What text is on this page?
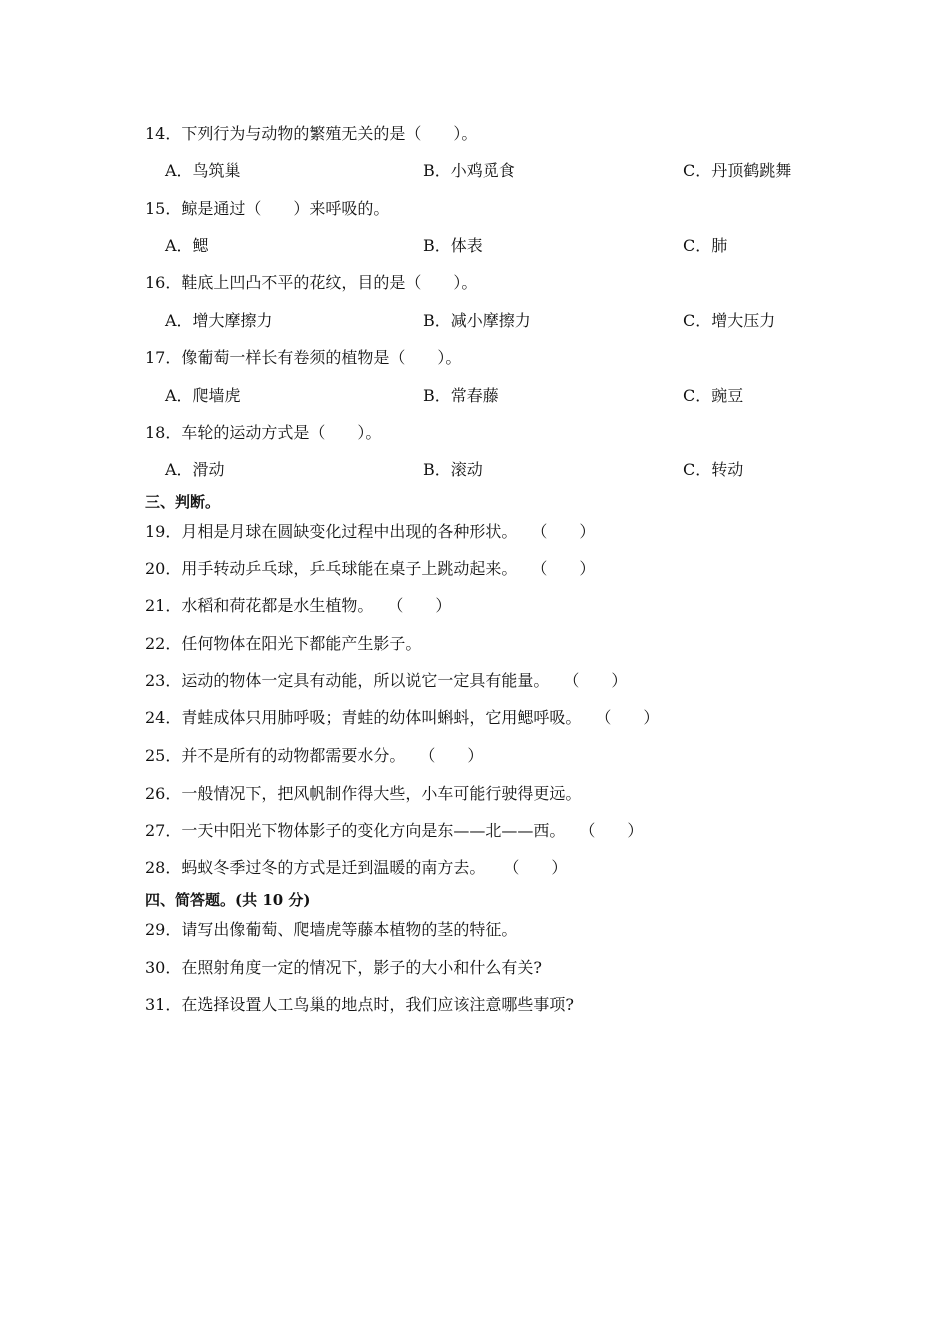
14．下列行为与动物的繁殖无关的是（　　）。
A．鸟筑巢	B．小鸡觅食	C．丹顶鹤跳舞
15．鲸是通过（　　）来呼吸的。
A．鳃	B．体表	C．肺
16．鞋底上凹凸不平的花纹，目的是（　　）。
A．增大摩擦力	B．减小摩擦力	C．增大压力
17．像葡萄一样长有卷须的植物是（　　）。
A．爬墙虎	B．常春藤	C．豌豆
18．车轮的运动方式是（　　）。
A．滑动	B．滚动	C．转动
三、判断。
19．月相是月球在圆缺变化过程中出现的各种形状。 （　　）
20．用手转动乒乓球，乒乓球能在桌子上跳动起来。 （　　）
21．水稻和荷花都是水生植物。 （　　）
22．任何物体在阳光下都能产生影子。
23．运动的物体一定具有动能，所以说它一定具有能量。 （　　）
24．青蛙成体只用肺呼吸；青蛙的幼体叫蝌蚪，它用鳃呼吸。 （　　）
25．并不是所有的动物都需要水分。 （　　）
26．一般情况下，把风帆制作得大些，小车可能行驶得更远。
27．一天中阳光下物体影子的变化方向是东——北——西。 （　　）
28．蚂蚁冬季过冬的方式是迁到温暖的南方去。 （　　）
四、简答题。(共 10 分)
29．请写出像葡萄、爬墙虎等藤本植物的茎的特征。
30．在照射角度一定的情况下，影子的大小和什么有关?
31．在选择设置人工鸟巢的地点时，我们应该注意哪些事项?
